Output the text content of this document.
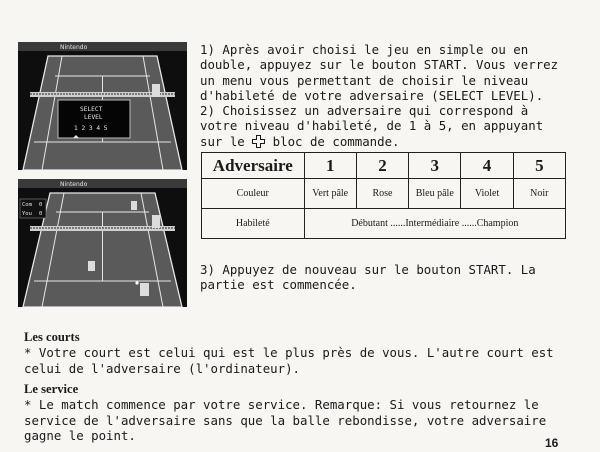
Nintendo
SELECT
LEVEL
1 2 3 4 5
Nintendo
Com 0
You 0

1) Après avoir choisi le jeu en simple ou en double, appuyez sur le bouton START. Vous verrez un menu vous permettant de choisir le niveau d'habileté de votre adversaire (SELECT LEVEL).
2) Choisissez un adversaire qui correspond à votre niveau d'habileté, de 1 à 5, en appuyant sur le  bloc de commande.

Adversaire	1	2	3	4	5
Couleur	Vert pâle	Rose	Bleu pâle	Violet	Noir
Habileté	Débutant ......Intermédiaire ......Champion				

3) Appuyez de nouveau sur le bouton START. La partie est commencée.

Les courts
* Votre court est celui qui est le plus près de vous. L'autre court est celui de l'adversaire (l'ordinateur).
Le service
* Le match commence par votre service. Remarque: Si vous retournez le service de l'adversaire sans que la balle rebondisse, votre adversaire gagne le point.
16
